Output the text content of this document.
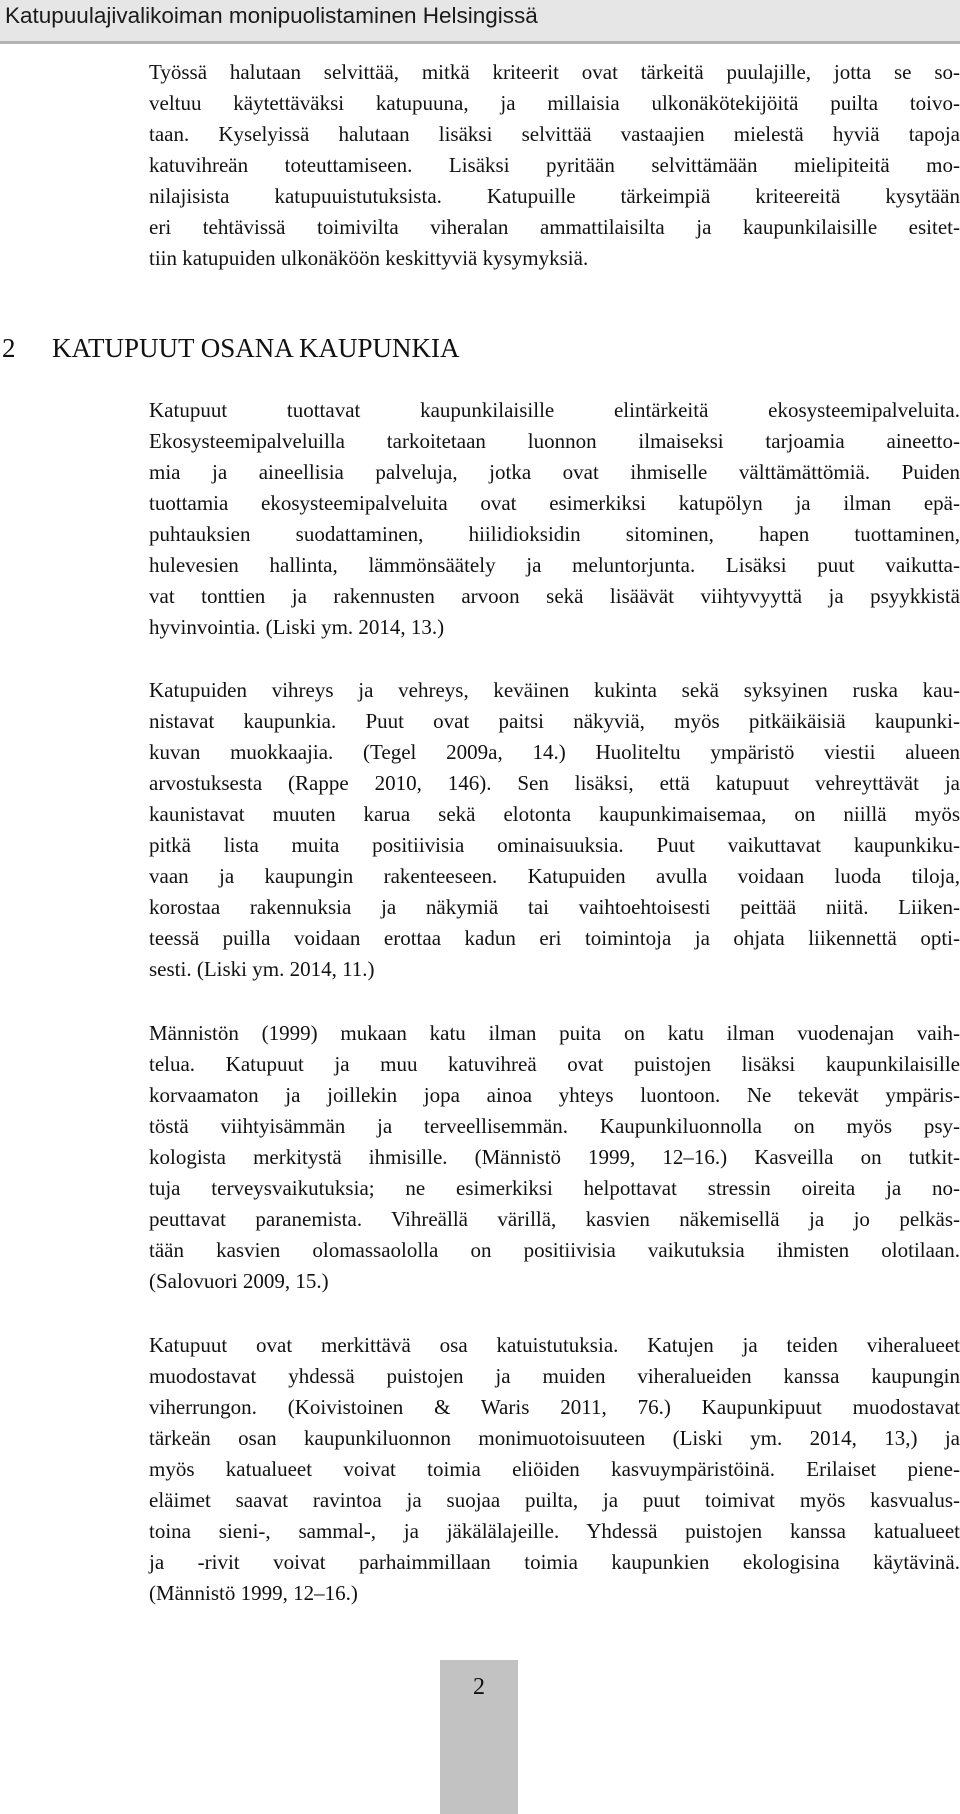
Katupuulajivalikoiman monipuolistaminen Helsingissä
Työssä halutaan selvittää, mitkä kriteerit ovat tärkeitä puulajille, jotta se so-
veltuu käytettäväksi katupuuna, ja millaisia ulkonäkötekijöitä puilta toivo-
taan. Kyselyissä halutaan lisäksi selvittää vastaajien mielestä hyviä tapoja
katuvihreän toteuttamiseen. Lisäksi pyritään selvittämään mielipiteitä mo-
nilajisista katupuuistutuksista. Katupuille tärkeimpiä kriteereitä kysytään
eri tehtävissä toimivilta viheralan ammattilaisilta ja kaupunkilaisille esitet-
tiin katupuiden ulkonäköön keskittyviä kysymyksiä.
2 KATUPUUT OSANA KAUPUNKIA
Katupuut tuottavat kaupunkilaisille elintärkeitä ekosysteemipalveluita.
Ekosysteemipalveluilla tarkoitetaan luonnon ilmaiseksi tarjoamia aineetto-
mia ja aineellisia palveluja, jotka ovat ihmiselle välttämättömiä. Puiden
tuottamia ekosysteemipalveluita ovat esimerkiksi katupölyn ja ilman epä-
puhtauksien suodattaminen, hiilidioksidin sitominen, hapen tuottaminen,
hulevesien hallinta, lämmönsäätely ja meluntorjunta. Lisäksi puut vaikutta-
vat tonttien ja rakennusten arvoon sekä lisäävät viihtyvyyttä ja psyykkistä
hyvinvointia. (Liski ym. 2014, 13.)
Katupuiden vihreys ja vehreys, keväinen kukinta sekä syksyinen ruska kau-
nistavat kaupunkia. Puut ovat paitsi näkyviä, myös pitkäikäisiä kaupunki-
kuvan muokkaajia. (Tegel 2009a, 14.) Huoliteltu ympäristö viestii alueen
arvostuksesta (Rappe 2010, 146). Sen lisäksi, että katupuut vehreyttävät ja
kaunistavat muuten karua sekä elotonta kaupunkimaisemaa, on niillä myös
pitkä lista muita positiivisia ominaisuuksia. Puut vaikuttavat kaupunkiku-
vaan ja kaupungin rakenteeseen. Katupuiden avulla voidaan luoda tiloja,
korostaa rakennuksia ja näkymiä tai vaihtoehtoisesti peittää niitä. Liiken-
teessä puilla voidaan erottaa kadun eri toimintoja ja ohjata liikennettä opti-
sesti. (Liski ym. 2014, 11.)
Männistön (1999) mukaan katu ilman puita on katu ilman vuodenajan vaih-
telua. Katupuut ja muu katuvihreä ovat puistojen lisäksi kaupunkilaisille
korvaamaton ja joillekin jopa ainoa yhteys luontoon. Ne tekevät ympäris-
töstä viihtyisämmän ja terveellisemmän. Kaupunkiluonnolla on myös psy-
kologista merkitystä ihmisille. (Männistö 1999, 12–16.) Kasveilla on tutkit-
tuja terveysvaikutuksia; ne esimerkiksi helpottavat stressin oireita ja no-
peuttavat paranemista. Vihreällä värillä, kasvien näkemisellä ja jo pelkäs-
tään kasvien olomassaololla on positiivisia vaikutuksia ihmisten olotilaan.
(Salovuori 2009, 15.)
Katupuut ovat merkittävä osa katuistutuksia. Katujen ja teiden viheralueet
muodostavat yhdessä puistojen ja muiden viheralueiden kanssa kaupungin
viherrungon. (Koivistoinen & Waris 2011, 76.) Kaupunkipuut muodostavat
tärkeän osan kaupunkiluonnon monimuotoisuuteen (Liski ym. 2014, 13,) ja
myös katualueet voivat toimia eliöiden kasvuympäristöinä. Erilaiset piene-
eläimet saavat ravintoa ja suojaa puilta, ja puut toimivat myös kasvualus-
toina sieni-, sammal-, ja jäkälälajeille. Yhdessä puistojen kanssa katualueet
ja -rivit voivat parhaimmillaan toimia kaupunkien ekologisina käytävinä.
(Männistö 1999, 12–16.)
2
